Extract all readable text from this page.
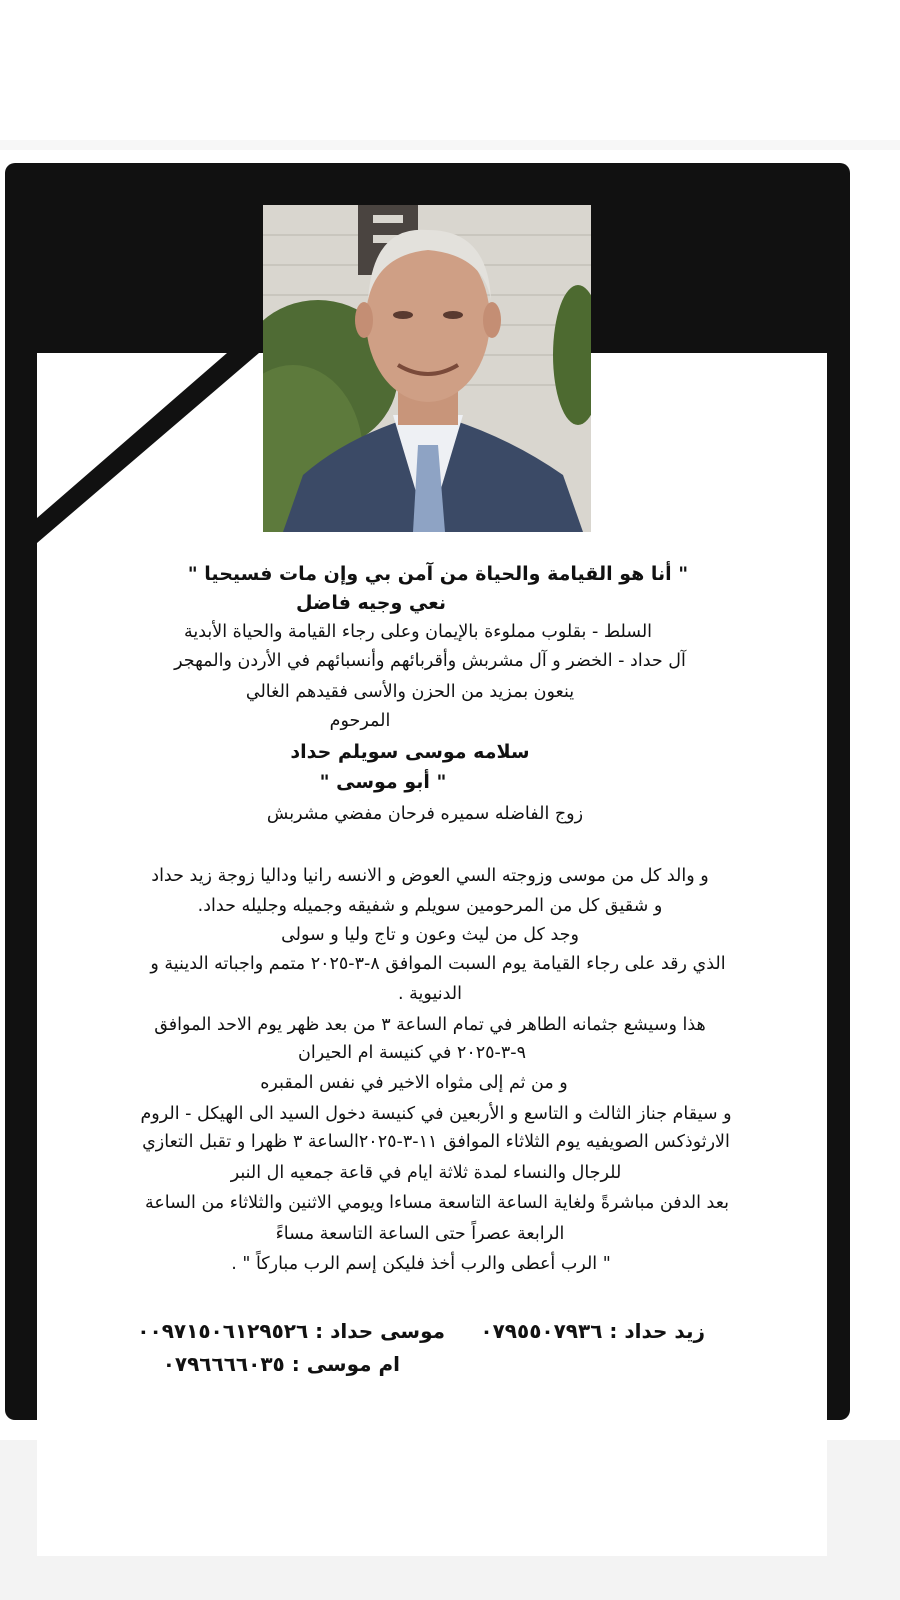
" أنا هو القيامة والحياة من آمن بي وإن مات فسيحيا "
نعي وجيه فاضل
السلط - بقلوب مملوءة بالإيمان وعلى رجاء القيامة والحياة الأبدية
آل حداد - الخضر و آل مشربش وأقربائهم وأنسبائهم في الأردن والمهجر
ينعون بمزيد من الحزن والأسى فقيدهم الغالي
المرحوم
سلامه موسى سويلم حداد
" أبو موسى "
زوج الفاضله سميره فرحان مفضي مشربش
و والد كل من موسى وزوجته السي العوض و الانسه رانيا وداليا زوجة زيد حداد
و شقيق كل من المرحومين سويلم و شفيقه وجميله وجليله حداد.
وجد كل من ليث وعون و تاج وليا و سولى
الذي رقد على رجاء القيامة يوم السبت الموافق ٨-٣-٢٠٢٥ متمم واجباته الدينية و
الدنيوية .
هذا وسيشع جثمانه الطاهر في تمام الساعة ٣ من بعد ظهر يوم الاحد الموافق
٩-٣-٢٠٢٥ في كنيسة ام الحيران
و من ثم إلى مثواه الاخير في نفس المقبره
و سيقام جناز الثالث و التاسع و الأربعين في كنيسة دخول السيد الى الهيكل - الروم
الارثوذكس الصويفيه يوم الثلاثاء الموافق ١١-٣-٢٠٢٥الساعة ٣ ظهرا و تقبل التعازي
للرجال والنساء لمدة ثلاثة ايام في قاعة جمعيه ال النبر
بعد الدفن مباشرةً ولغاية الساعة التاسعة مساءا ويومي الاثنين والثلاثاء من الساعة
الرابعة عصراً حتى الساعة التاسعة مساءً
" الرب أعطى والرب أخذ فليكن إسم الرب مباركاً " .
زيد حداد : ٠٧٩٥٥٠٧٩٣٦
موسى حداد : ٠٠٩٧١٥٠٦١٢٩٥٢٦
ام موسى : ٠٧٩٦٦٦٦٠٣٥
